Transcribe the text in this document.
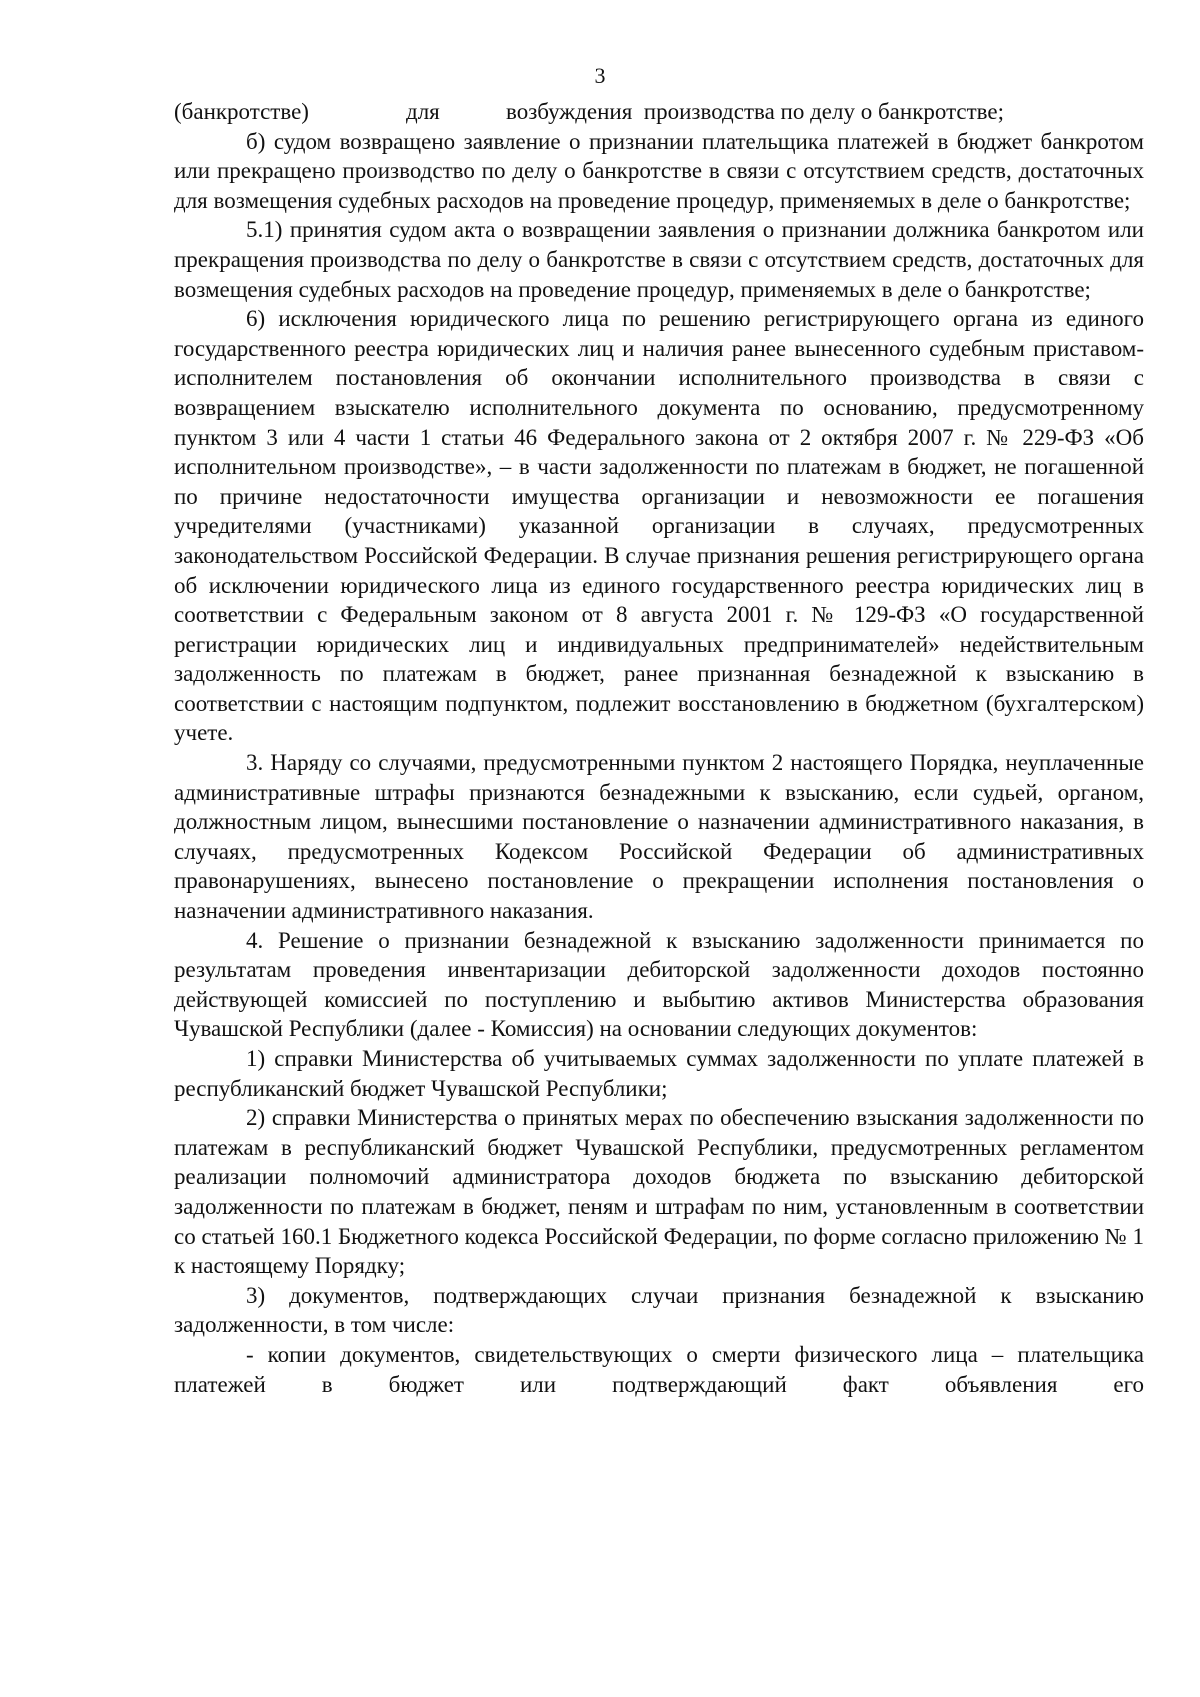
3

(банкротстве)	для	возбуждения  производства по делу о банкротстве;

б) судом возвращено заявление о признании плательщика платежей в бюджет банкротом или прекращено производство по делу о банкротстве в связи с отсутствием средств, достаточных для возмещения судебных расходов на проведение процедур, применяемых в деле о банкротстве;

5.1) принятия судом акта о возвращении заявления о признании должника банкротом или прекращения производства по делу о банкротстве в связи с отсутствием средств, достаточных для возмещения судебных расходов на проведение процедур, применяемых в деле о банкротстве;

6) исключения юридического лица по решению регистрирующего органа из единого государственного реестра юридических лиц и наличия ранее вынесенного судебным приставом-исполнителем постановления об окончании исполнительного производства в связи с возвращением взыскателю исполнительного документа по основанию, предусмотренному пунктом 3 или 4 части 1 статьи 46 Федерального закона от 2 октября 2007 г. № 229-ФЗ «Об исполнительном производстве», – в части задолженности по платежам в бюджет, не погашенной по причине недостаточности имущества организации и невозможности ее погашения учредителями (участниками) указанной организации в случаях, предусмотренных законодательством Российской Федерации. В случае признания решения регистрирующего органа об исключении юридического лица из единого государственного реестра юридических лиц в соответствии с Федеральным законом от 8 августа 2001 г. № 129-ФЗ «О государственной регистрации юридических лиц и индивидуальных предпринимателей» недействительным задолженность по платежам в бюджет, ранее признанная безнадежной к взысканию в соответствии с настоящим подпунктом, подлежит восстановлению в бюджетном (бухгалтерском) учете.

3. Наряду со случаями, предусмотренными пунктом 2 настоящего Порядка, неуплаченные административные штрафы признаются безнадежными к взысканию, если судьей, органом, должностным лицом, вынесшими постановление о назначении административного наказания, в случаях, предусмотренных Кодексом Российской Федерации об административных правонарушениях, вынесено постановление о прекращении исполнения постановления о назначении административного наказания.

4. Решение о признании безнадежной к взысканию задолженности принимается по результатам проведения инвентаризации дебиторской задолженности доходов постоянно действующей комиссией по поступлению и выбытию активов Министерства образования Чувашской Республики (далее - Комиссия) на основании следующих документов:

1) справки Министерства об учитываемых суммах задолженности по уплате платежей в республиканский бюджет Чувашской Республики;

2) справки Министерства о принятых мерах по обеспечению взыскания задолженности по платежам в республиканский бюджет Чувашской Республики, предусмотренных регламентом реализации полномочий администратора доходов бюджета по взысканию дебиторской задолженности по платежам в бюджет, пеням и штрафам по ним, установленным в соответствии со статьей 160.1 Бюджетного кодекса Российской Федерации, по форме согласно приложению № 1 к настоящему Порядку;

3) документов, подтверждающих случаи признания безнадежной к взысканию задолженности, в том числе:

- копии документов, свидетельствующих о смерти физического лица – плательщика платежей в бюджет или подтверждающий факт объявления его
